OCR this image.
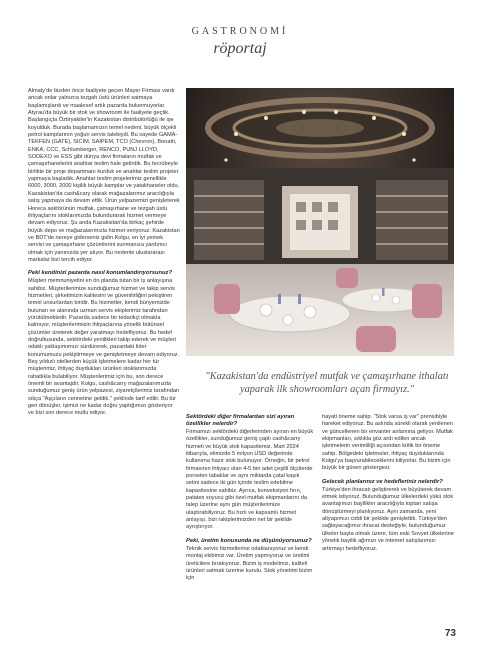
GASTRONOMİ
röportaj

Almaty'de bizden önce faaliyete geçen Mayer Firması vardı ancak onlar yalnızca tezgah üstü ürünleri satmaya başlamışlardı ve maalesef artık pazarda bulunmuyorlar. Atyrau'da büyük bir stok ve showroom ile faaliyete geçtik. Başlangıçta Öztiryakiler'in Kazakistan distribütörlüğü ile işe koyulduk. Burada başlamamızın temel nedeni, büyük ölçekli petrol kamplarının yoğun servis talebiydi. Bu sayede GAMA-TEKFEN (GATE), SICIM, SAIPEM, TCO (Chevron), Bonatti, ENKA, CCC, Schlumberger, RENCO, PUNJ LLOYD, SODEXO ve ESS gibi dünya devi firmaların mutfak ve çamaşırhanelerini anahtar teslim hale getirdik. Bu tecrübeyle birlikte bir proje departmanı kurduk ve anahtar teslim projeler yapmaya başladık. Anahtar teslim projelerimiz genellikle 6000, 3000, 2000 kişilik büyük kamplar ve yatakhaneler oldu. Kazakistan'da cash&cary olarak mağazalarımız aracılığıyla satış yapmaya da devam ettik. Ürün yelpazemizi genişleterek Horeca sektörünün mutfak, çamaşırhane ve tezgah üstü ihtiyaçlarını stoklarımızda bulundurarak hizmet vermeye devam ediyoruz. Şu anda Kazakistan'da birkaç şehirde büyük depo ve mağazalarımızla hizmet veriyoruz. Kazakistan ve BDT'de nereye giderseniz gidin Kolgu, en iyi yemek servisi ve çamaşırhane çözümlerini sunmanıza yardımcı olmak için yanınızda yer alıyor. Bu nedenle uluslararası markalar bizi tercih ediyor.

Peki kendinizi pazarda nasıl konumlandırıyorsunuz?

Müşteri memnuniyetini en ön planda tutan bir iş anlayışına sahibiz. Müşterilerimize sunduğumuz hizmet ve takip servis hizmetleri, şirketimizin kalitesini ve güvenilirliğini pekiştiren temel unsurlardan biridir. Bu hizmetler, kendi bünyemizde bulunan ve alanında uzman servis ekiplerimiz tarafından yürütülmektedir. Pazarda sadece bir tedarikçi olmakla kalmıyor, müşterilerimizin ihtiyaçlarına yönelik bütünsel çözümler üreterek değer yaratmayı hedefliyoruz. Bu hedef doğrultusunda, sektördeki yenilikleri takip ederek ve müşteri odaklı yaklaşımımızı sürdürerek, pazardaki lider konumumuzu pekiştirmeye ve genişletmeye devam ediyoruz. Beş yıldızlı otellerden küçük işletmelere kadar her tür müşterimiz, ihtiyaç duydukları ürünleri stoklarımızda rahatlıkla bulabiliyor. Müşterilerimiz için bu, son derece önemli bir avantajdır. Kolgu, cash&carry mağazalarımızda sunduğumuz geniş ürün yelpazesi, ziyaretçilerimiz tarafından sıkça "Aşçıların cennetine geldik." şeklinde tarif edilir. Bu tür geri dönüşler, işimizi ne kadar doğru yaptığımızı gösteriyor ve bizi son derece mutlu ediyor.

"Kazakistan'da endüstriyel mutfak ve çamaşırhane ithalatı yaparak ilk showroomları açan firmayız."
Sektördeki diğer firmalardan sizi ayıran özellikler nelerdir?

Firmamızı sektördeki diğerlerinden ayıran en büyük özellikler, sunduğumuz geniş çaplı cash&carry hizmeti ve büyük stok kapasitemiz. Mart 2024 itibarıyla, elimizde 5 milyon USD değerinde kullanıma hazır stok bulunuyor. Örneğin, bir petrol firmasının ihtiyacı olan 4-5 bin adet çeşitli ölçülerde porselen tabaklar ve aynı miktarda çatal kaşık setini sadece iki gün içinde teslim edebilme kapasitesine sahibiz. Ayrıca, konveksiyon fırın, patates soyucu gibi özel mutfak ekipmanlarını da talep üzerine aynı gün müşterilerimize ulaştırabiliyoruz. Bu hızlı ve kapsamlı hizmet anlayışı, bizi rakiplerimizden net bir şekilde ayrıştırıyor.

Peki, üretim konusunda ne düşünüyorsunuz?

Teknik servis hizmetlerine odaklanıyoruz ve kendi montaj ekibimiz var. Üretim yapmıyoruz ve üretimi üreticilere bırakıyoruz. Bizim iş modelimiz, kaliteli ürünleri satmak üzerine kurulu. Stok yönetimi bizim için

hayati öneme sahip. "Stok varsa iş var" prensibiyle hareket ediyoruz. Bu aslında sürekli olarak yenilenen ve güncellenen bir envanter anlamına geliyor. Mutfak ekipmanları, sıklıkla göz ardı edilen ancak işletmelerin verimliliği açısından kritik bir öneme sahip. Bölgedeki işletmeler, ihtiyaç duyduklarında Kolgu'ya başvurabileceklerini biliyorlar. Bu bizim için büyük bir güven göstergesi.

Gelecek planlarınız ve hedefleriniz nelerdir?

Türkiye'den ihracatı geliştirerek ve büyüterek devam etmek istiyoruz. Bulunduğumuz ülkelerdeki yükü stok avantajımızı bayilikler aracılığıyla toptan satışa dönüştürmeyi planlıyoruz. Aynı zamanda, yeni altyapımızı ciddi bir şekilde genişlettik. Türkiye'den sağlayacağımız ihracat desteğiyle, bulunduğumuz ülkeler başta olmak üzere, tüm eski Sovyet ülkelerine yönelik bayilik ağımızı ve internet satışlarımızı artırmayı hedefliyoruz.

73
